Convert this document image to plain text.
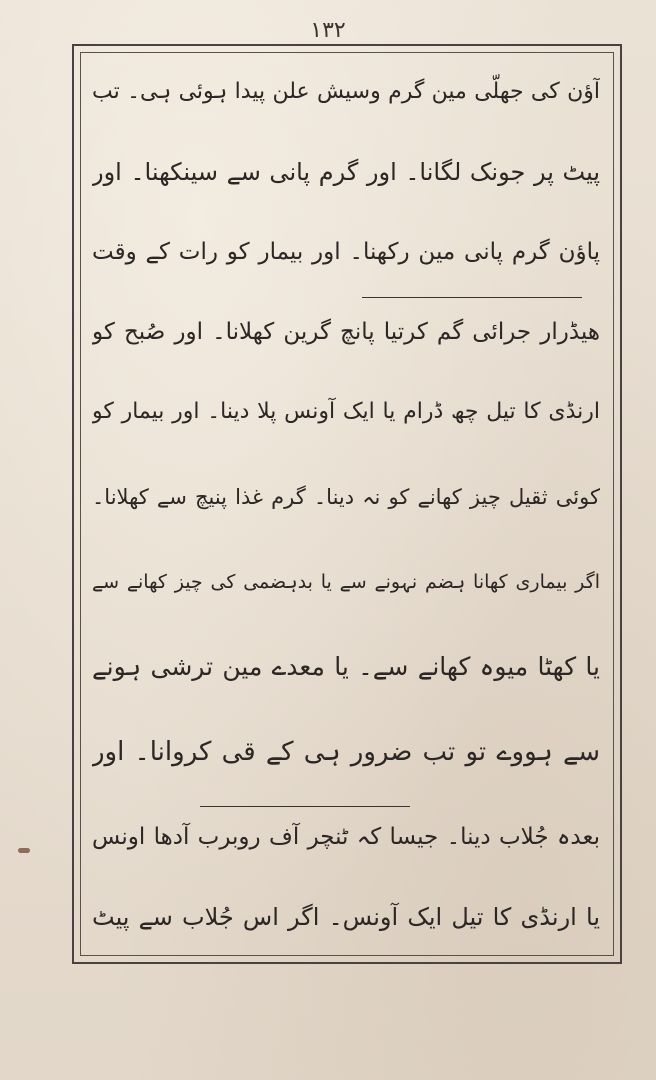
۱۳۲
آؤن کی جھلّی مین گرم وسیش علن پیدا ہوئی ہی۔ تب
پیٹ پر جونک لگانا۔ اور گرم پانی سے سینکھنا۔ اور
پاؤن گرم پانی مین رکھنا۔ اور بیمار کو رات کے وقت
ھیڈرار جرائی گم کرتیا پانچ گرین کھلانا۔ اور صُبح کو
ارنڈی کا تیل چھ ڈرام یا ایک آونس پلا دینا۔ اور بیمار کو
کوئی ثقیل چیز کھانے کو نہ دینا۔ گرم غذا پنیچ سے کھلانا۔
اگر بیماری کھانا ہضم نہونے سے یا بدہضمی کی چیز کھانے سے
یا کھٹا میوہ کھانے سے۔ یا معدے مین ترشی ہونے
سے ہووے تو تب ضرور ہی کے قی کروانا۔ اور
بعدہ جُلاب دینا۔ جیسا کہ ٹنچر آف روبرب آدھا اونس
یا ارنڈی کا تیل ایک آونس۔ اگر اس جُلاب سے پیٹ
